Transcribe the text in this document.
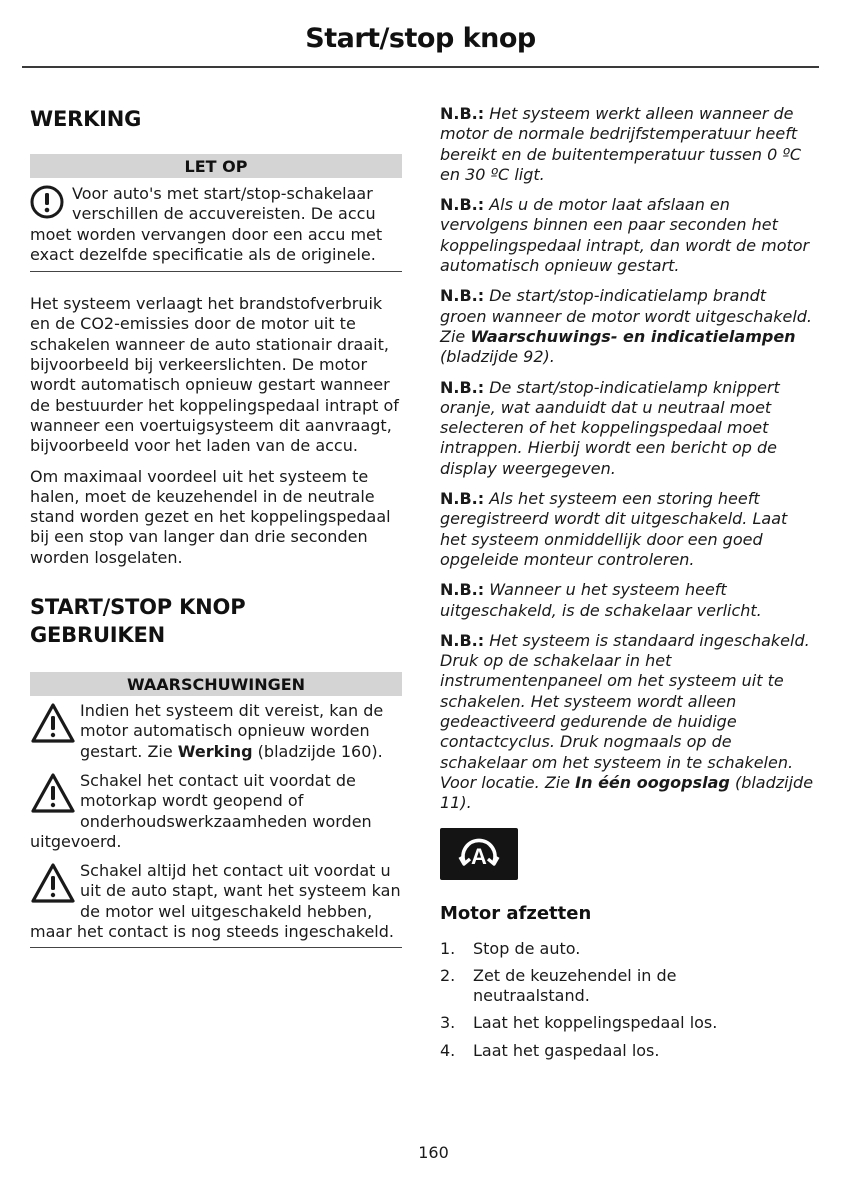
Start/stop knop
WERKING
LET OP

Voor auto's met start/stop-schakelaar verschillen de accuvereisten. De accu moet worden vervangen door een accu met exact dezelfde specificatie als de originele.

Het systeem verlaagt het brandstofverbruik en de CO2-emissies door de motor uit te schakelen wanneer de auto stationair draait, bijvoorbeeld bij verkeerslichten. De motor wordt automatisch opnieuw gestart wanneer de bestuurder het koppelingspedaal intrapt of wanneer een voertuigsysteem dit aanvraagt, bijvoorbeeld voor het laden van de accu.

Om maximaal voordeel uit het systeem te halen, moet de keuzehendel in de neutrale stand worden gezet en het koppelingspedaal bij een stop van langer dan drie seconden worden losgelaten.

START/STOP KNOP GEBRUIKEN
WAARSCHUWINGEN

Indien het systeem dit vereist, kan de motor automatisch opnieuw worden gestart. Zie Werking (bladzijde 160).

Schakel het contact uit voordat de motorkap wordt geopend of onderhoudswerkzaamheden worden uitgevoerd.

Schakel altijd het contact uit voordat u uit de auto stapt, want het systeem kan de motor wel uitgeschakeld hebben, maar het contact is nog steeds ingeschakeld.

N.B.: Het systeem werkt alleen wanneer de motor de normale bedrijfstemperatuur heeft bereikt en de buitentemperatuur tussen 0 ºC en 30 ºC ligt.

N.B.: Als u de motor laat afslaan en vervolgens binnen een paar seconden het koppelingspedaal intrapt, dan wordt de motor automatisch opnieuw gestart.

N.B.: De start/stop-indicatielamp brandt groen wanneer de motor wordt uitgeschakeld. Zie Waarschuwings- en indicatielampen (bladzijde 92).

N.B.: De start/stop-indicatielamp knippert oranje, wat aanduidt dat u neutraal moet selecteren of het koppelingspedaal moet intrappen. Hierbij wordt een bericht op de display weergegeven.

N.B.: Als het systeem een storing heeft geregistreerd wordt dit uitgeschakeld. Laat het systeem onmiddellijk door een goed opgeleide monteur controleren.

N.B.: Wanneer u het systeem heeft uitgeschakeld, is de schakelaar verlicht.

N.B.: Het systeem is standaard ingeschakeld. Druk op de schakelaar in het instrumentenpaneel om het systeem uit te schakelen. Het systeem wordt alleen gedeactiveerd gedurende de huidige contactcyclus. Druk nogmaals op de schakelaar om het systeem in te schakelen. Voor locatie. Zie In één oogopslag (bladzijde 11).

A
Motor afzetten
1.	Stop de auto.
2.	Zet de keuzehendel in de neutraalstand.
3.	Laat het koppelingspedaal los.
4.	Laat het gaspedaal los.
160
